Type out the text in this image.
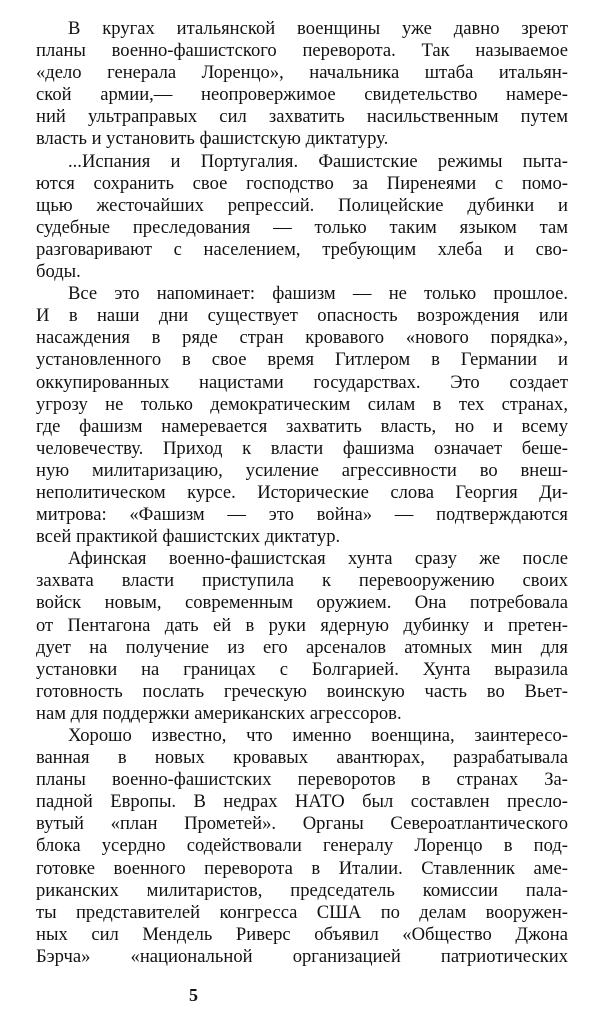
В кругах итальянской военщины уже давно зреют
планы военно-фашистского переворота. Так называемое
«дело генерала Лоренцо», начальника штаба итальян-
ской армии,— неопровержимое свидетельство намере-
ний ультраправых сил захватить насильственным путем
власть и установить фашистскую диктатуру.
...Испания и Португалия. Фашистские режимы пыта-
ются сохранить свое господство за Пиренеями с помо-
щью жесточайших репрессий. Полицейские дубинки и
судебные преследования — только таким языком там
разговаривают с населением, требующим хлеба и сво-
боды.
Все это напоминает: фашизм — не только прошлое.
И в наши дни существует опасность возрождения или
насаждения в ряде стран кровавого «нового порядка»,
установленного в свое время Гитлером в Германии и
оккупированных нацистами государствах. Это создает
угрозу не только демократическим силам в тех странах,
где фашизм намеревается захватить власть, но и всему
человечеству. Приход к власти фашизма означает беше-
ную милитаризацию, усиление агрессивности во внеш-
неполитическом курсе. Исторические слова Георгия Ди-
митрова: «Фашизм — это война» — подтверждаются
всей практикой фашистских диктатур.
Афинская военно-фашистская хунта сразу же после
захвата власти приступила к перевооружению своих
войск новым, современным оружием. Она потребовала
от Пентагона дать ей в руки ядерную дубинку и претен-
дует на получение из его арсеналов атомных мин для
установки на границах с Болгарией. Хунта выразила
готовность послать греческую воинскую часть во Вьет-
нам для поддержки американских агрессоров.
Хорошо известно, что именно военщина, заинтересо-
ванная в новых кровавых авантюрах, разрабатывала
планы военно-фашистских переворотов в странах За-
падной Европы. В недрах НАТО был составлен пресло-
вутый «план Прометей». Органы Североатлантического
блока усердно содействовали генералу Лоренцо в под-
готовке военного переворота в Италии. Ставленник аме-
риканских милитаристов, председатель комиссии пала-
ты представителей конгресса США по делам вооружен-
ных сил Мендель Риверс объявил «Общество Джона
Бэрча» «национальной организацией патриотических
5
